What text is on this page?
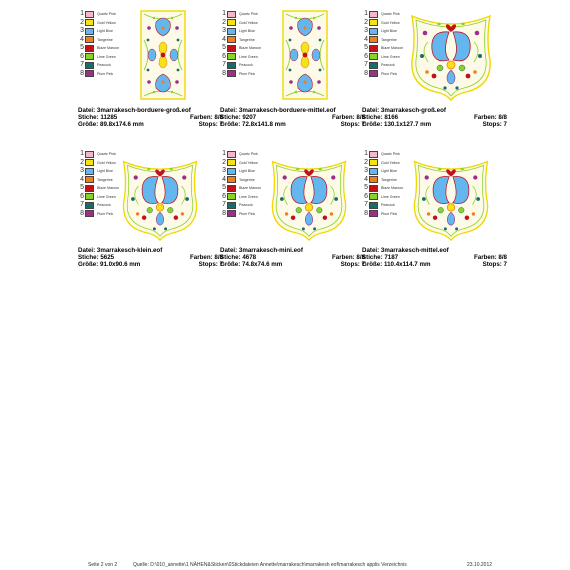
1	Quartz Pink
2	Gold Yellow
3	Light Blue
4	Tangerine
5	Blaze Maroon
6	Lime Green
7	Peacock
8	Plum Pink
Datei: 3marrakesch-borduere-groß.eof
Stiche: 11285	Farben: 8/8
Größe: 89.8x174.6 mm	Stops: 7
1	Quartz Pink
2	Gold Yellow
3	Light Blue
4	Tangerine
5	Blaze Maroon
6	Lime Green
7	Peacock
8	Plum Pink
Datei: 3marrakesch-borduere-mittel.eof
Stiche: 9207	Farben: 8/8
Größe: 72.8x141.8 mm	Stops: 7
1	Quartz Pink
2	Gold Yellow
3	Light Blue
4	Tangerine
5	Blaze Maroon
6	Lime Green
7	Peacock
8	Plum Pink
Datei: 3marrakesch-groß.eof
Stiche: 8166	Farben: 8/8
Größe: 130.1x127.7 mm	Stops: 7
1	Quartz Pink
2	Gold Yellow
3	Light Blue
4	Tangerine
5	Blaze Maroon
6	Lime Green
7	Peacock
8	Plum Pink
Datei: 3marrakesch-klein.eof
Stiche: 5625	Farben: 8/8
Größe: 91.0x90.6 mm	Stops: 7
1	Quartz Pink
2	Gold Yellow
3	Light Blue
4	Tangerine
5	Blaze Maroon
6	Lime Green
7	Peacock
8	Plum Pink
Datei: 3marrakesch-mini.eof
Stiche: 4678	Farben: 8/8
Größe: 74.8x74.6 mm	Stops: 7
1	Quartz Pink
2	Gold Yellow
3	Light Blue
4	Tangerine
5	Blaze Maroon
6	Lime Green
7	Peacock
8	Plum Pink
Datei: 3marrakesch-mittel.eof
Stiche: 7187	Farben: 8/8
Größe: 110.4x114.7 mm	Stops: 7
Seite 2 von 2	Quelle: D:\010_annette\1 NÄHEN&Sticken\0Stickdateien Annette\marrakesch\marrakesh eof\marrakesch applis Verzeichnis	23.10.2012
